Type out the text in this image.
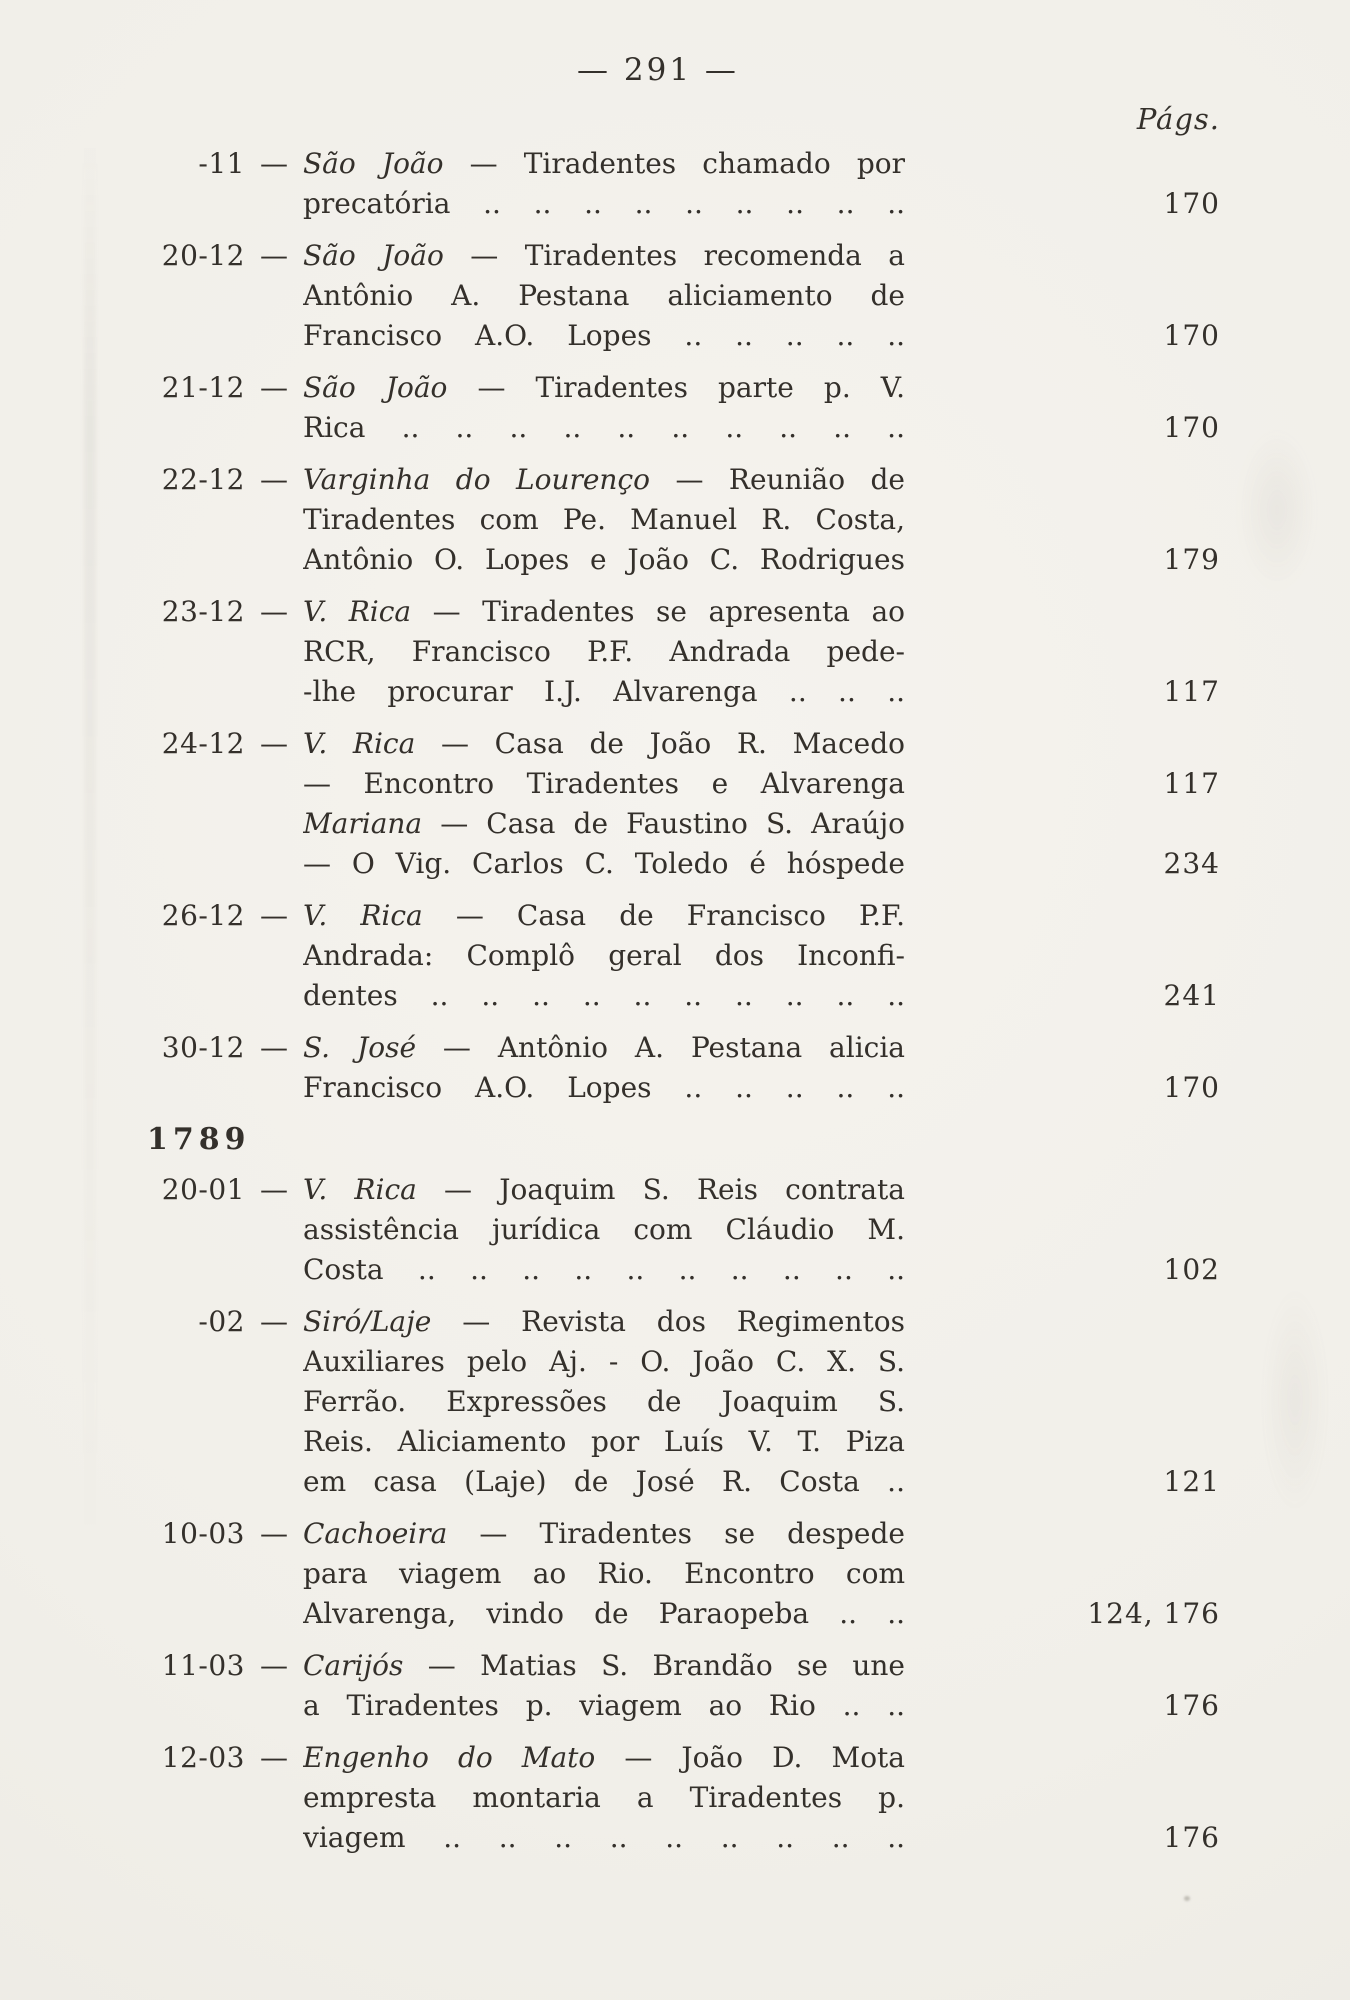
— 291 —
Págs.
-11 — São João — Tiradentes chamado por
precatória .. .. .. .. .. .. .. .. ..	170
20-12 — São João — Tiradentes recomenda a
Antônio A. Pestana aliciamento de
Francisco A.O. Lopes .. .. .. .. ..	170
21-12 — São João — Tiradentes parte p. V.
Rica .. .. .. .. .. .. .. .. .. ..	170
22-12 — Varginha do Lourenço — Reunião de
Tiradentes com Pe. Manuel R. Costa,
Antônio O. Lopes e João C. Rodrigues	179
23-12 — V. Rica — Tiradentes se apresenta ao
RCR, Francisco P.F. Andrada pede-
-lhe procurar I.J. Alvarenga .. .. ..	117
24-12 — V. Rica — Casa de João R. Macedo
— Encontro Tiradentes e Alvarenga	117
Mariana — Casa de Faustino S. Araújo
— O Vig. Carlos C. Toledo é hóspede	234
26-12 — V. Rica — Casa de Francisco P.F.
Andrada: Complô geral dos Inconfi-
dentes .. .. .. .. .. .. .. .. .. ..	241
30-12 — S. José — Antônio A. Pestana alicia
Francisco A.O. Lopes .. .. .. .. ..	170
1789
20-01 — V. Rica — Joaquim S. Reis contrata
assistência jurídica com Cláudio M.
Costa .. .. .. .. .. .. .. .. .. ..	102
-02 — Siró/Laje — Revista dos Regimentos
Auxiliares pelo Aj. - O. João C. X. S.
Ferrão. Expressões de Joaquim S.
Reis. Aliciamento por Luís V. T. Piza
em casa (Laje) de José R. Costa ..	121
10-03 — Cachoeira — Tiradentes se despede
para viagem ao Rio. Encontro com
Alvarenga, vindo de Paraopeba .. ..	124, 176
11-03 — Carijós — Matias S. Brandão se une
a Tiradentes p. viagem ao Rio .. ..	176
12-03 — Engenho do Mato — João D. Mota
empresta montaria a Tiradentes p.
viagem .. .. .. .. .. .. .. .. ..	176
